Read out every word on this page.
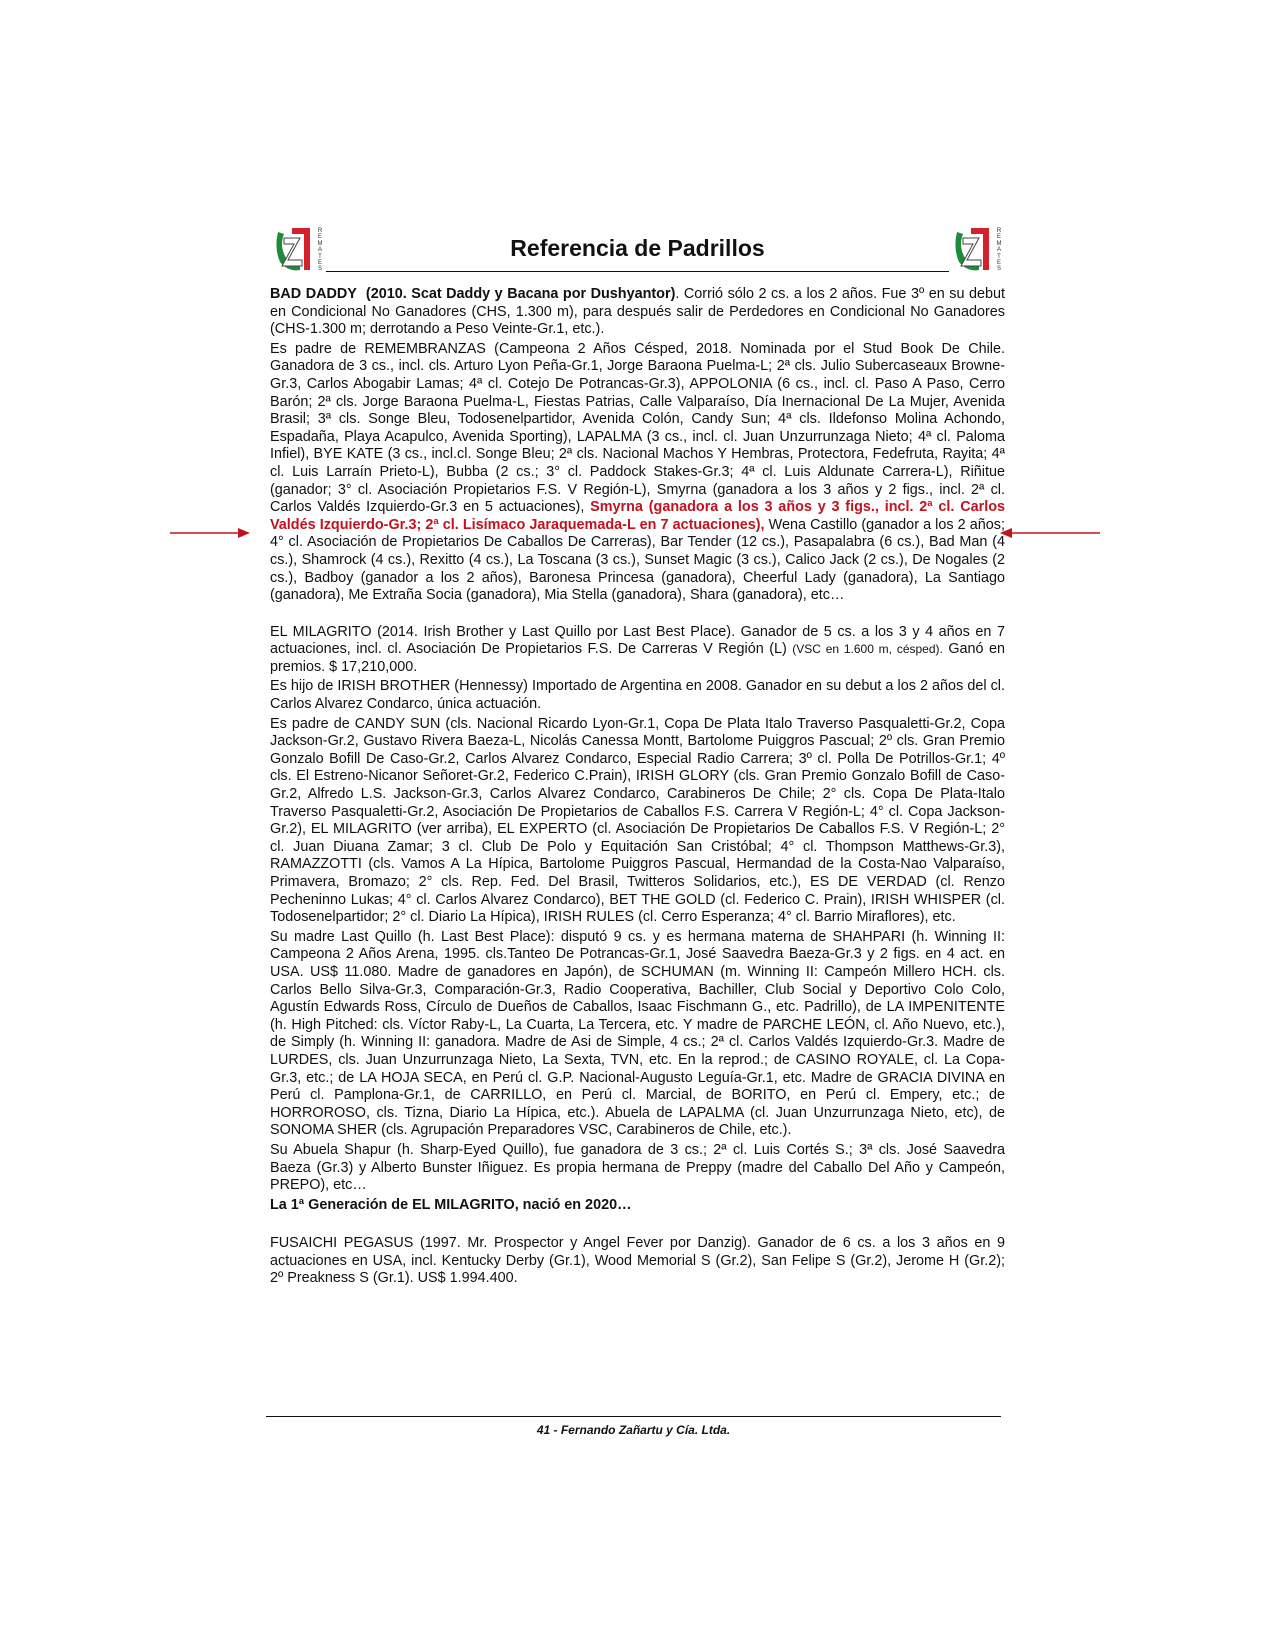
R
E
M
A
T
E
S
Referencia de Padrillos
R
E
M
A
T
E
S

BAD DADDY (2010. Scat Daddy y Bacana por Dushyantor). Corrió sólo 2 cs. a los 2 años. Fue 3º en su debut en Condicional No Ganadores (CHS, 1.300 m), para después salir de Perdedores en Condicional No Ganadores (CHS-1.300 m; derrotando a Peso Veinte-Gr.1, etc.).

Es padre de REMEMBRANZAS (Campeona 2 Años Césped, 2018. Nominada por el Stud Book De Chile. Ganadora de 3 cs., incl. cls. Arturo Lyon Peña-Gr.1, Jorge Baraona Puelma-L; 2ª cls. Julio Subercaseaux Browne-Gr.3, Carlos Abogabir Lamas; 4ª cl. Cotejo De Potrancas-Gr.3), APPOLONIA (6 cs., incl. cl. Paso A Paso, Cerro Barón; 2ª cls. Jorge Baraona Puelma-L, Fiestas Patrias, Calle Valparaíso, Día Inernacional De La Mujer, Avenida Brasil; 3ª cls. Songe Bleu, Todosenelpartidor, Avenida Colón, Candy Sun; 4ª cls. Ildefonso Molina Achondo, Espadaña, Playa Acapulco, Avenida Sporting), LAPALMA (3 cs., incl. cl. Juan Unzurrunzaga Nieto; 4ª cl. Paloma Infiel), BYE KATE (3 cs., incl.cl. Songe Bleu; 2ª cls. Nacional Machos Y Hembras, Protectora, Fedefruta, Rayita; 4ª cl. Luis Larraín Prieto-L), Bubba (2 cs.; 3° cl. Paddock Stakes-Gr.3; 4ª cl. Luis Aldunate Carrera-L), Riñitue (ganador; 3° cl. Asociación Propietarios F.S. V Región-L), Smyrna (ganadora a los 3 años y 2 figs., incl. 2ª cl. Carlos Valdés Izquierdo-Gr.3 en 5 actuaciones), Smyrna (ganadora a los 3 años y 3 figs., incl. 2ª cl. Carlos Valdés Izquierdo-Gr.3; 2ª cl. Lisímaco Jaraquemada-L en 7 actuaciones), Wena Castillo (ganador a los 2 años; 4° cl. Asociación de Propietarios De Caballos De Carreras), Bar Tender (12 cs.), Pasapalabra (6 cs.), Bad Man (4 cs.), Shamrock (4 cs.), Rexitto (4 cs.), La Toscana (3 cs.), Sunset Magic (3 cs.), Calico Jack (2 cs.), De Nogales (2 cs.), Badboy (ganador a los 2 años), Baronesa Princesa (ganadora), Cheerful Lady (ganadora), La Santiago (ganadora), Me Extraña Socia (ganadora), Mia Stella (ganadora), Shara (ganadora), etc…

EL MILAGRITO (2014. Irish Brother y Last Quillo por Last Best Place). Ganador de 5 cs. a los 3 y 4 años en 7 actuaciones, incl. cl. Asociación De Propietarios F.S. De Carreras V Región (L) (VSC en 1.600 m, césped). Ganó en premios. $ 17,210,000.

Es hijo de IRISH BROTHER (Hennessy) Importado de Argentina en 2008. Ganador en su debut a los 2 años del cl. Carlos Alvarez Condarco, única actuación.

Es padre de CANDY SUN (cls. Nacional Ricardo Lyon-Gr.1, Copa De Plata Italo Traverso Pasqualetti-Gr.2, Copa Jackson-Gr.2, Gustavo Rivera Baeza-L, Nicolás Canessa Montt, Bartolome Puiggros Pascual; 2º cls. Gran Premio Gonzalo Bofill De Caso-Gr.2, Carlos Alvarez Condarco, Especial Radio Carrera; 3º cl. Polla De Potrillos-Gr.1; 4º cls. El Estreno-Nicanor Señoret-Gr.2, Federico C.Prain), IRISH GLORY (cls. Gran Premio Gonzalo Bofill de Caso-Gr.2, Alfredo L.S. Jackson-Gr.3, Carlos Alvarez Condarco, Carabineros De Chile; 2° cls. Copa De Plata-Italo Traverso Pasqualetti-Gr.2, Asociación De Propietarios de Caballos F.S. Carrera V Región-L; 4° cl. Copa Jackson-Gr.2), EL MILAGRITO (ver arriba), EL EXPERTO (cl. Asociación De Propietarios De Caballos F.S. V Región-L; 2° cl. Juan Diuana Zamar; 3 cl. Club De Polo y Equitación San Cristóbal; 4° cl. Thompson Matthews-Gr.3), RAMAZZOTTI (cls. Vamos A La Hípica, Bartolome Puiggros Pascual, Hermandad de la Costa-Nao Valparaíso, Primavera, Bromazo; 2° cls. Rep. Fed. Del Brasil, Twitteros Solidarios, etc.), ES DE VERDAD (cl. Renzo Pecheninno Lukas; 4° cl. Carlos Alvarez Condarco), BET THE GOLD (cl. Federico C. Prain), IRISH WHISPER (cl. Todosenelpartidor; 2° cl. Diario La Hípica), IRISH RULES (cl. Cerro Esperanza; 4° cl. Barrio Miraflores), etc.

Su madre Last Quillo (h. Last Best Place): disputó 9 cs. y es hermana materna de SHAHPARI (h. Winning II: Campeona 2 Años Arena, 1995. cls.Tanteo De Potrancas-Gr.1, José Saavedra Baeza-Gr.3 y 2 figs. en 4 act. en USA. US$ 11.080. Madre de ganadores en Japón), de SCHUMAN (m. Winning II: Campeón Millero HCH. cls. Carlos Bello Silva-Gr.3, Comparación-Gr.3, Radio Cooperativa, Bachiller, Club Social y Deportivo Colo Colo, Agustín Edwards Ross, Círculo de Dueños de Caballos, Isaac Fischmann G., etc. Padrillo), de LA IMPENITENTE (h. High Pitched: cls. Víctor Raby-L, La Cuarta, La Tercera, etc. Y madre de PARCHE LEÓN, cl. Año Nuevo, etc.), de Simply (h. Winning II: ganadora. Madre de Asi de Simple, 4 cs.; 2ª cl. Carlos Valdés Izquierdo-Gr.3. Madre de LURDES, cls. Juan Unzurrunzaga Nieto, La Sexta, TVN, etc. En la reprod.; de CASINO ROYALE, cl. La Copa-Gr.3, etc.; de LA HOJA SECA, en Perú cl. G.P. Nacional-Augusto Leguía-Gr.1, etc. Madre de GRACIA DIVINA en Perú cl. Pamplona-Gr.1, de CARRILLO, en Perú cl. Marcial, de BORITO, en Perú cl. Empery, etc.; de HORROROSO, cls. Tizna, Diario La Hípica, etc.). Abuela de LAPALMA (cl. Juan Unzurrunzaga Nieto, etc), de SONOMA SHER (cls. Agrupación Preparadores VSC, Carabineros de Chile, etc.).

Su Abuela Shapur (h. Sharp-Eyed Quillo), fue ganadora de 3 cs.; 2ª cl. Luis Cortés S.; 3ª cls. José Saavedra Baeza (Gr.3) y Alberto Bunster Iñiguez. Es propia hermana de Preppy (madre del Caballo Del Año y Campeón, PREPO), etc…

La 1ª Generación de EL MILAGRITO, nació en 2020…

FUSAICHI PEGASUS (1997. Mr. Prospector y Angel Fever por Danzig). Ganador de 6 cs. a los 3 años en 9 actuaciones en USA, incl. Kentucky Derby (Gr.1), Wood Memorial S (Gr.2), San Felipe S (Gr.2), Jerome H (Gr.2); 2º Preakness S (Gr.1). US$ 1.994.400.

41 - Fernando Zañartu y Cía. Ltda.
